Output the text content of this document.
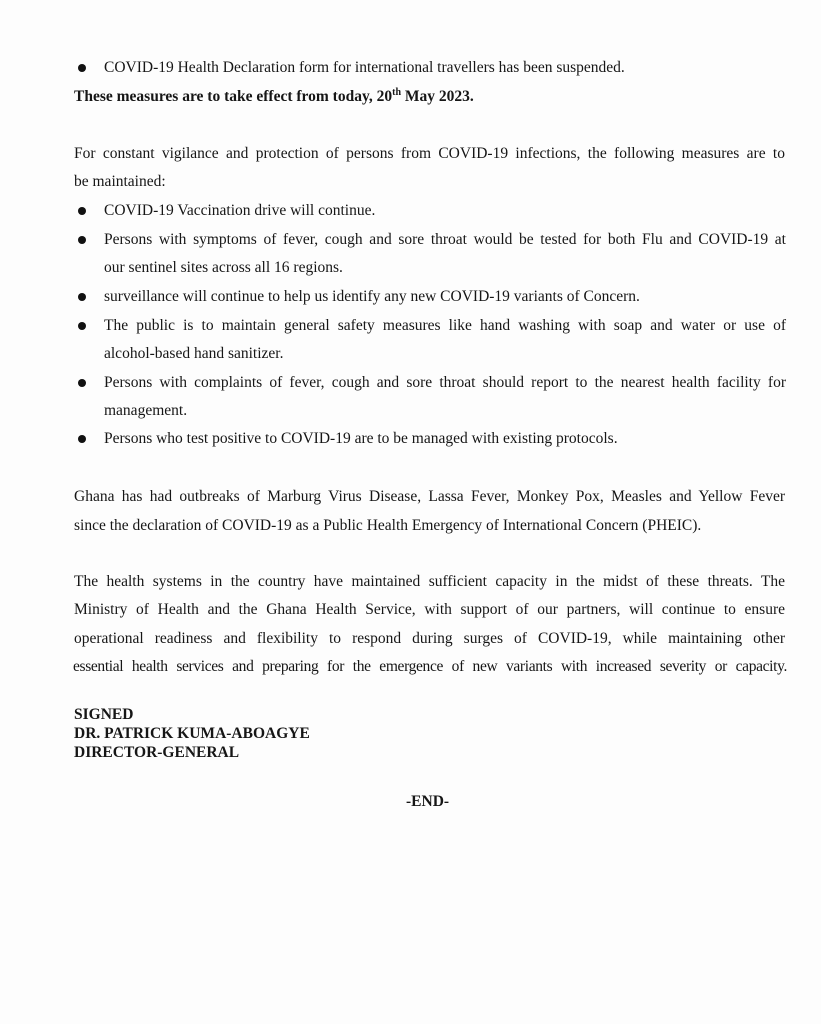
COVID-19 Health Declaration form for international travellers has been suspended.
These measures are to take effect from today, 20th May 2023.
For constant vigilance and protection of persons from COVID-19 infections, the following measures are to
be maintained:
COVID-19 Vaccination drive will continue.
Persons with symptoms of fever, cough and sore throat would be tested for both Flu and COVID-19 at
our sentinel sites across all 16 regions.
surveillance will continue to help us identify any new COVID-19 variants of Concern.
The public is to maintain general safety measures like hand washing with soap and water or use of
alcohol-based hand sanitizer.
Persons with complaints of fever, cough and sore throat should report to the nearest health facility for
management.
Persons who test positive to COVID-19 are to be managed with existing protocols.
Ghana has had outbreaks of Marburg Virus Disease, Lassa Fever, Monkey Pox, Measles and Yellow Fever
since the declaration of COVID-19 as a Public Health Emergency of International Concern (PHEIC).
The health systems in the country have maintained sufficient capacity in the midst of these threats. The
Ministry of Health and the Ghana Health Service, with support of our partners, will continue to ensure
operational readiness and flexibility to respond during surges of COVID-19, while maintaining other
essential health services and preparing for the emergence of new variants with increased severity or capacity.
SIGNED
DR. PATRICK KUMA-ABOAGYE
DIRECTOR-GENERAL
-END-
